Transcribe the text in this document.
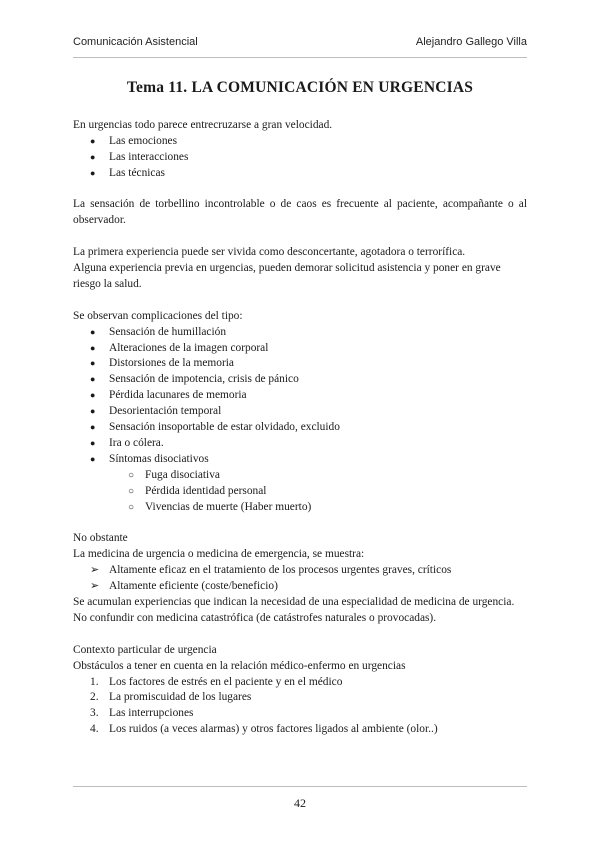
Comunicación Asistencial	Alejandro Gallego Villa
Tema 11. LA COMUNICACIÓN EN URGENCIAS

En urgencias todo parece entrecruzarse a gran velocidad.

● Las emociones
● Las interacciones
● Las técnicas

La sensación de torbellino incontrolable o de caos es frecuente al paciente, acompañante o al observador.

La primera experiencia puede ser vivida como desconcertante, agotadora o terrorífica.

Alguna experiencia previa en urgencias, pueden demorar solicitud asistencia y poner en grave riesgo la salud.

Se observan complicaciones del tipo:

● Sensación de humillación
● Alteraciones de la imagen corporal
● Distorsiones de la memoria
● Sensación de impotencia, crisis de pánico
● Pérdida lacunares de memoria
● Desorientación temporal
● Sensación insoportable de estar olvidado, excluido
● Ira o cólera.
● Síntomas disociativos
○ Fuga disociativa
○ Pérdida identidad personal
○ Vivencias de muerte (Haber muerto)

No obstante

La medicina de urgencia o medicina de emergencia, se muestra:

➢ Altamente eficaz en el tratamiento de los procesos urgentes graves, críticos
➢ Altamente eficiente (coste/beneficio)

Se acumulan experiencias que indican la necesidad de una especialidad de medicina de urgencia.

No confundir con medicina catastrófica (de catástrofes naturales o provocadas).

Contexto particular de urgencia

Obstáculos a tener en cuenta en la relación médico-enfermo en urgencias

1. Los factores de estrés en el paciente y en el médico
2. La promiscuidad de los lugares
3. Las interrupciones
4. Los ruidos (a veces alarmas) y otros factores ligados al ambiente (olor..)
42
